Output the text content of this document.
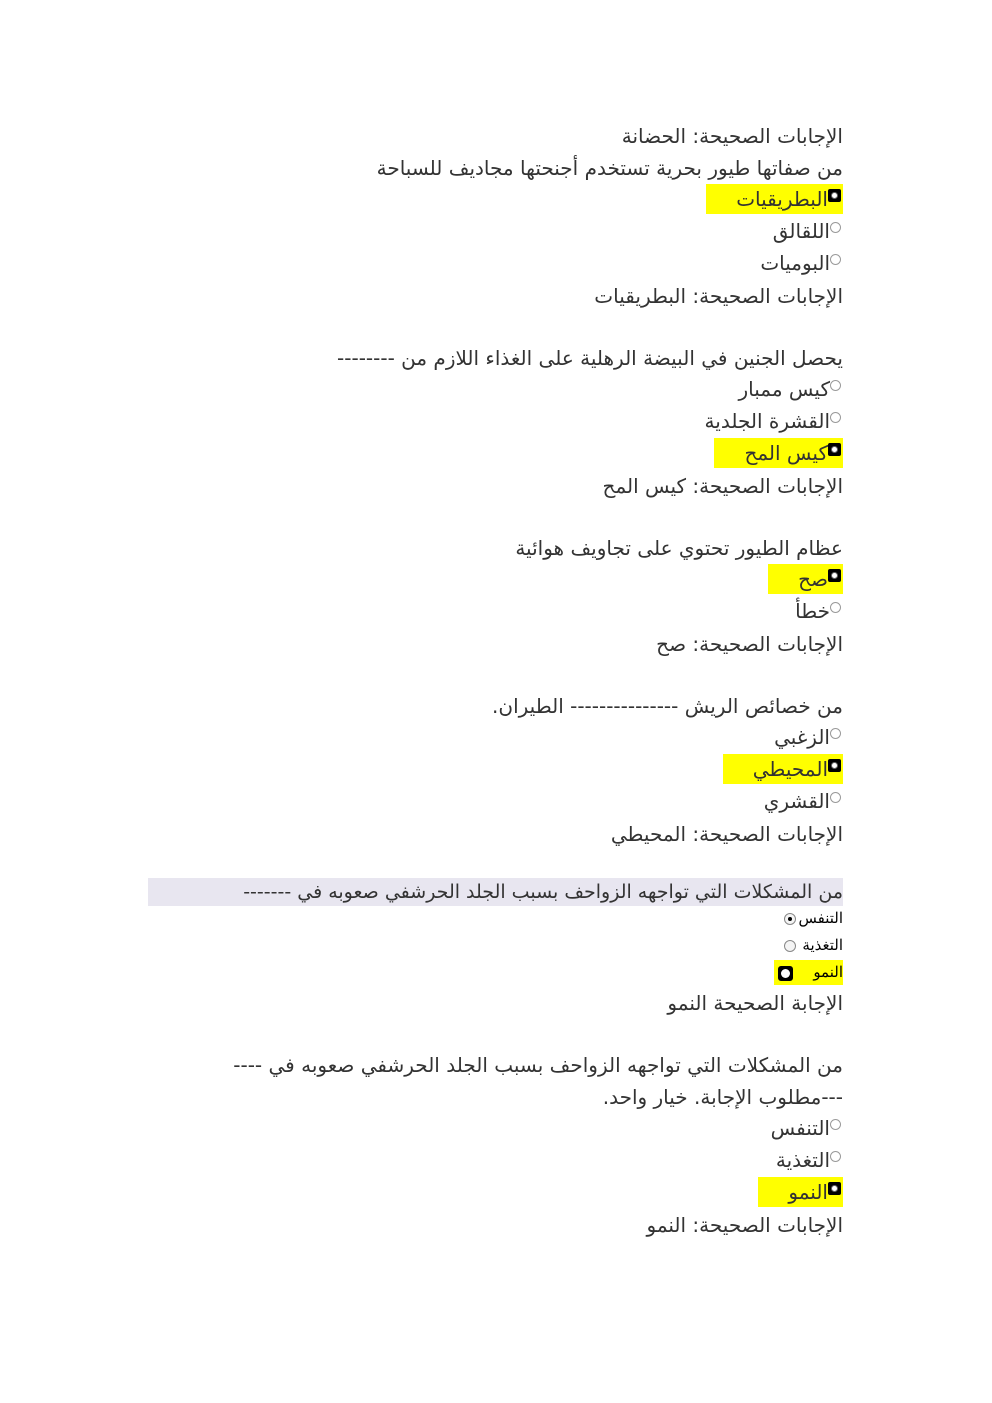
الإجابات الصحيحة: الحضانة
من صفاتها طيور بحرية تستخدم أجنحتها مجاديف للسباحة
البطريقيات
اللقالق
البوميات
الإجابات الصحيحة: البطريقيات
يحصل الجنين في البيضة الرهلية على الغذاء اللازم من --------
كيس ممبار
القشرة الجلدية
كيس المح
الإجابات الصحيحة: كيس المح
عظام الطيور تحتوي على تجاويف هوائية
صح
خطأ
الإجابات الصحيحة: صح
من خصائص الريش --------------- الطيران.
الزغبي
المحيطي
القشري
الإجابات الصحيحة: المحيطي
من المشكلات التي تواجهه الزواحف بسبب الجلد الحرشفي صعوبه في -------
التنفس
التغذية
النمو
الإجابة الصحيحة النمو
من المشكلات التي تواجهه الزواحف بسبب الجلد الحرشفي صعوبه في ----
---مطلوب الإجابة. خيار واحد.
التنفس
التغذية
النمو
الإجابات الصحيحة: النمو
